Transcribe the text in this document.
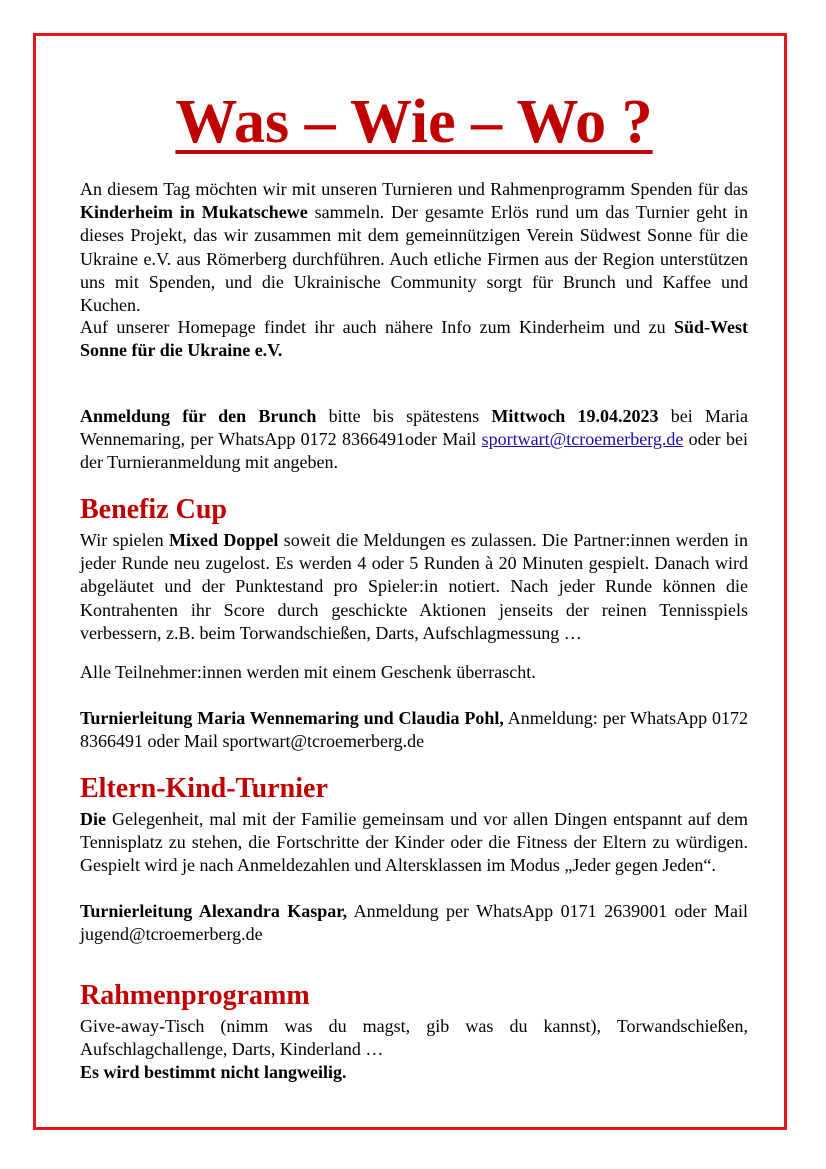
Was – Wie – Wo ?
An diesem Tag möchten wir mit unseren Turnieren und Rahmenprogramm Spenden für das Kinderheim in Mukatschewe sammeln. Der gesamte Erlös rund um das Turnier geht in dieses Projekt, das wir zusammen mit dem gemeinnützigen Verein Südwest Sonne für die Ukraine e.V. aus Römerberg durchführen. Auch etliche Firmen aus der Region unterstützen uns mit Spenden, und die Ukrainische Community sorgt für Brunch und Kaffee und Kuchen.
Auf unserer Homepage findet ihr auch nähere Info zum Kinderheim und zu Süd-West Sonne für die Ukraine e.V.
Anmeldung für den Brunch bitte bis spätestens Mittwoch 19.04.2023 bei Maria Wennemaring, per WhatsApp 0172 8366491oder Mail sportwart@tcroemerberg.de oder bei der Turnieranmeldung mit angeben.
Benefiz Cup
Wir spielen Mixed Doppel soweit die Meldungen es zulassen. Die Partner:innen werden in jeder Runde neu zugelost. Es werden 4 oder 5 Runden à 20 Minuten gespielt. Danach wird abgeläutet und der Punktestand pro Spieler:in notiert. Nach jeder Runde können die Kontrahenten ihr Score durch geschickte Aktionen jenseits der reinen Tennisspiels verbessern, z.B. beim Torwandschießen, Darts, Aufschlagmessung …
Alle Teilnehmer:innen werden mit einem Geschenk überrascht.
Turnierleitung Maria Wennemaring und Claudia Pohl, Anmeldung: per WhatsApp 0172 8366491 oder Mail sportwart@tcroemerberg.de
Eltern-Kind-Turnier
Die Gelegenheit, mal mit der Familie gemeinsam und vor allen Dingen entspannt auf dem Tennisplatz zu stehen, die Fortschritte der Kinder oder die Fitness der Eltern zu würdigen. Gespielt wird je nach Anmeldezahlen und Altersklassen im Modus „Jeder gegen Jeden“.
Turnierleitung Alexandra Kaspar, Anmeldung per WhatsApp 0171 2639001 oder Mail jugend@tcroemerberg.de
Rahmenprogramm
Give-away-Tisch (nimm was du magst, gib was du kannst), Torwandschießen, Aufschlagchallenge, Darts, Kinderland …
Es wird bestimmt nicht langweilig.
